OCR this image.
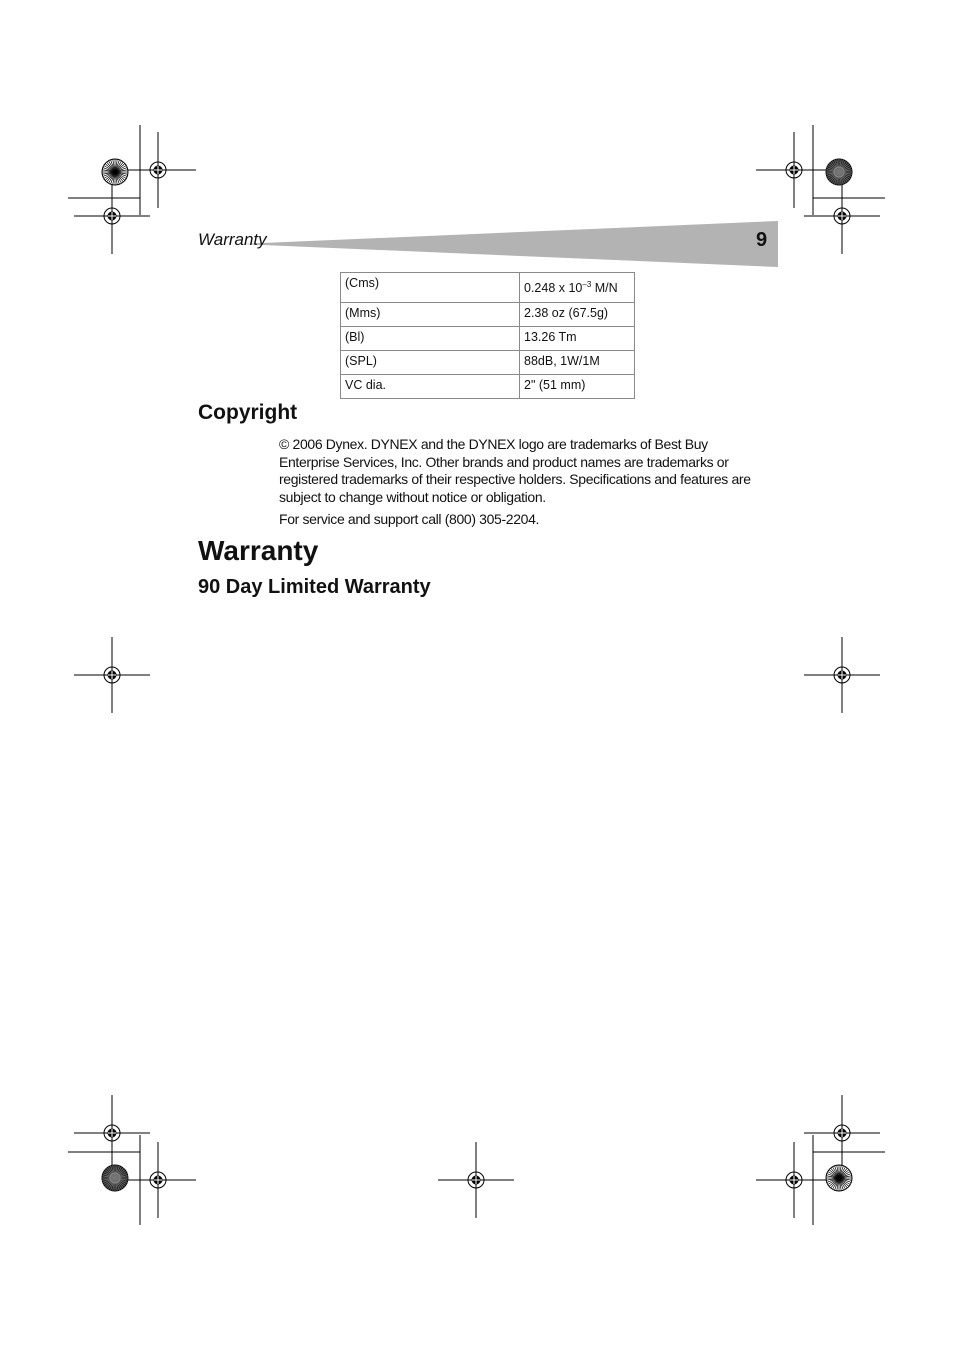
Warranty	9
(Cms)	0.248 x $10^{-3}$ M/N
(Mms)	2.38 oz (67.5g)
(Bl)	13.26 Tm
(SPL)	88dB, 1W/1M
VC dia.	2" (51 mm)
Copyright
© 2006 Dynex. DYNEX and the DYNEX logo are trademarks of Best Buy Enterprise Services, Inc. Other brands and product names are trademarks or registered trademarks of their respective holders. Specifications and features are subject to change without notice or obligation.
For service and support call (800) 305-2204.
Warranty
90 Day Limited Warranty
